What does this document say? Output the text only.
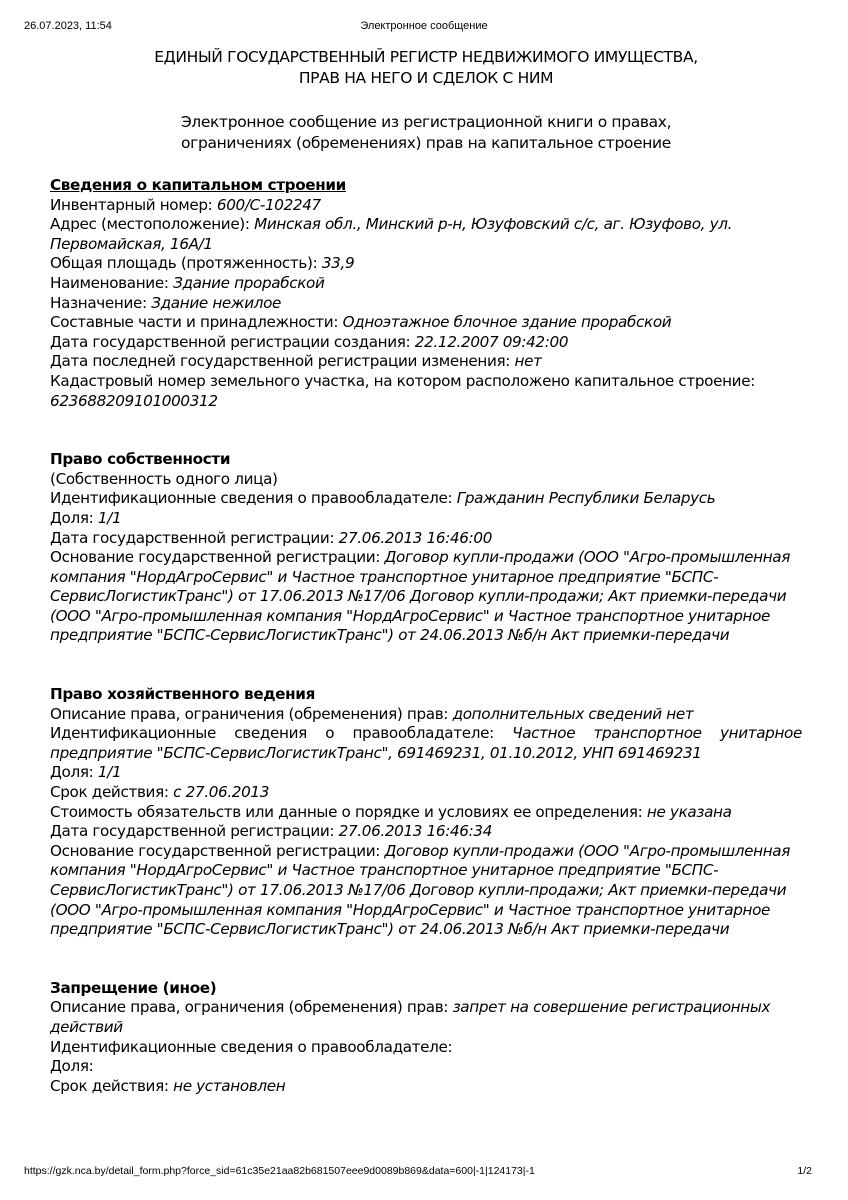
26.07.2023, 11:54	Электронное сообщение
ЕДИНЫЙ ГОСУДАРСТВЕННЫЙ РЕГИСТР НЕДВИЖИМОГО ИМУЩЕСТВА,
ПРАВ НА НЕГО И СДЕЛОК С НИМ
Электронное сообщение из регистрационной книги о правах,
ограничениях (обременениях) прав на капитальное строение
Сведения о капитальном строении
Инвентарный номер: 600/C-102247
Адрес (местоположение): Минская обл., Минский р-н, Юзуфовский с/с, аг. Юзуфово, ул. Первомайская, 16А/1
Общая площадь (протяженность): 33,9
Наименование: Здание прорабской
Назначение: Здание нежилое
Составные части и принадлежности: Одноэтажное блочное здание прорабской
Дата государственной регистрации создания: 22.12.2007 09:42:00
Дата последней государственной регистрации изменения: нет
Кадастровый номер земельного участка, на котором расположено капитальное строение: 623688209101000312
Право собственности
(Собственность одного лица)
Идентификационные сведения о правообладателе: Гражданин Республики Беларусь
Доля: 1/1
Дата государственной регистрации: 27.06.2013 16:46:00
Основание государственной регистрации: Договор купли-продажи (ООО "Агро-промышленная компания "НордАгроСервис" и Частное транспортное унитарное предприятие "БСПС-СервисЛогистикТранс") от 17.06.2013 №17/06 Договор купли-продажи; Акт приемки-передачи (ООО "Агро-промышленная компания "НордАгроСервис" и Частное транспортное унитарное предприятие "БСПС-СервисЛогистикТранс") от 24.06.2013 №б/н Акт приемки-передачи
Право хозяйственного ведения
Описание права, ограничения (обременения) прав: дополнительных сведений нет
Идентификационные сведения о правообладателе: Частное транспортное унитарное предприятие "БСПС-СервисЛогистикТранс", 691469231, 01.10.2012, УНП 691469231
Доля: 1/1
Срок действия: с 27.06.2013
Стоимость обязательств или данные о порядке и условиях ее определения: не указана
Дата государственной регистрации: 27.06.2013 16:46:34
Основание государственной регистрации: Договор купли-продажи (ООО "Агро-промышленная компания "НордАгроСервис" и Частное транспортное унитарное предприятие "БСПС-СервисЛогистикТранс") от 17.06.2013 №17/06 Договор купли-продажи; Акт приемки-передачи (ООО "Агро-промышленная компания "НордАгроСервис" и Частное транспортное унитарное предприятие "БСПС-СервисЛогистикТранс") от 24.06.2013 №б/н Акт приемки-передачи
Запрещение (иное)
Описание права, ограничения (обременения) прав: запрет на совершение регистрационных действий
Идентификационные сведения о правообладателе:
Доля:
Срок действия: не установлен
https://gzk.nca.by/detail_form.php?force_sid=61c35e21aa82b681507eee9d0089b869&data=600|-1|124173|-1	1/2
